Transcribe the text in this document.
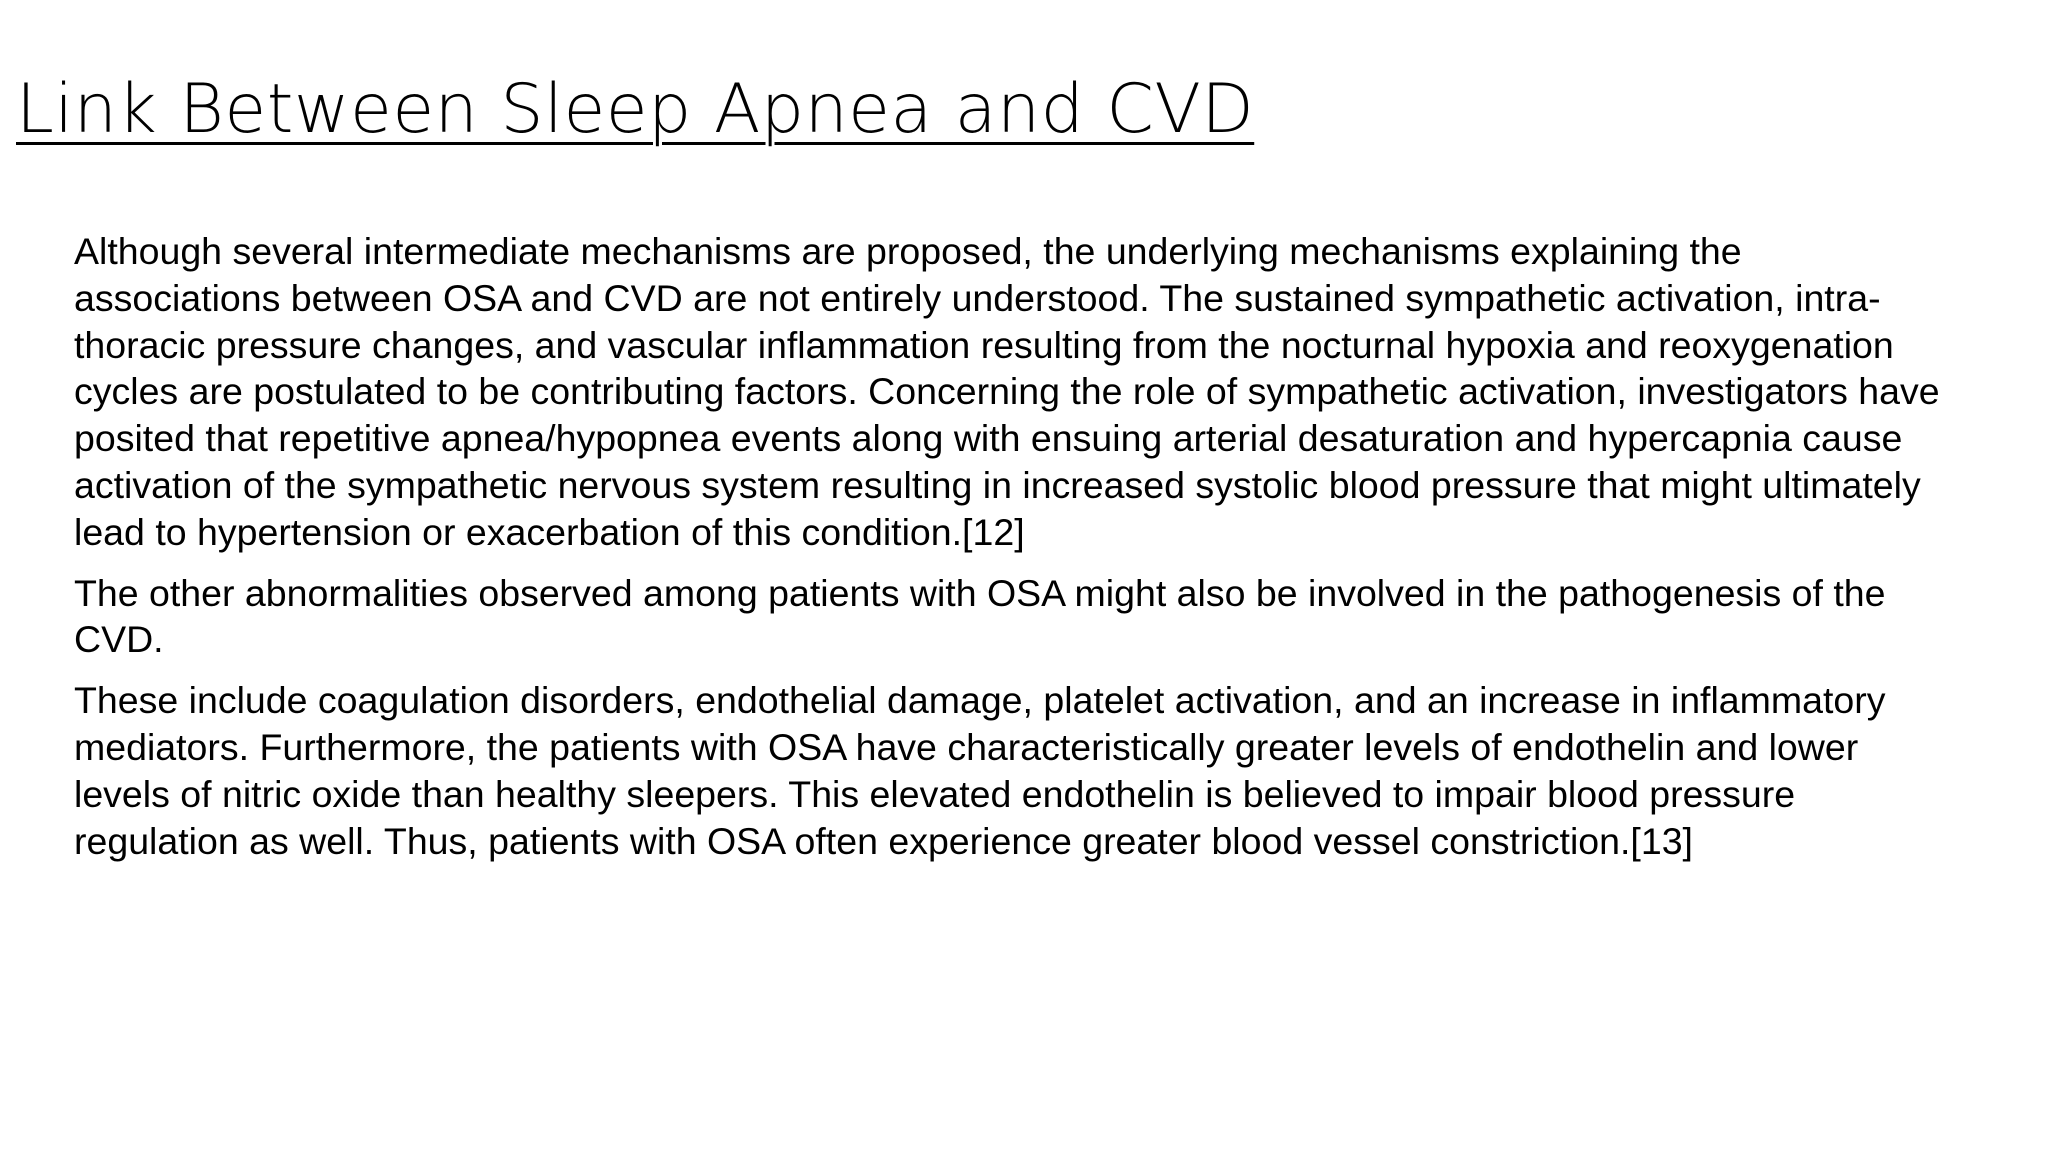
Link Between Sleep Apnea and CVD

Although several intermediate mechanisms are proposed, the underlying mechanisms explaining the associations between OSA and CVD are not entirely understood. The sustained sympathetic activation, intra-thoracic pressure changes, and vascular inflammation resulting from the nocturnal hypoxia and reoxygenation cycles are postulated to be contributing factors. Concerning the role of sympathetic activation, investigators have posited that repetitive apnea/hypopnea events along with ensuing arterial desaturation and hypercapnia cause activation of the sympathetic nervous system resulting in increased systolic blood pressure that might ultimately lead to hypertension or exacerbation of this condition.[12]

The other abnormalities observed among patients with OSA might also be involved in the pathogenesis of the CVD.

These include coagulation disorders, endothelial damage, platelet activation, and an increase in inflammatory mediators. Furthermore, the patients with OSA have characteristically greater levels of endothelin and lower levels of nitric oxide than healthy sleepers. This elevated endothelin is believed to impair blood pressure regulation as well. Thus, patients with OSA often experience greater blood vessel constriction.[13]
